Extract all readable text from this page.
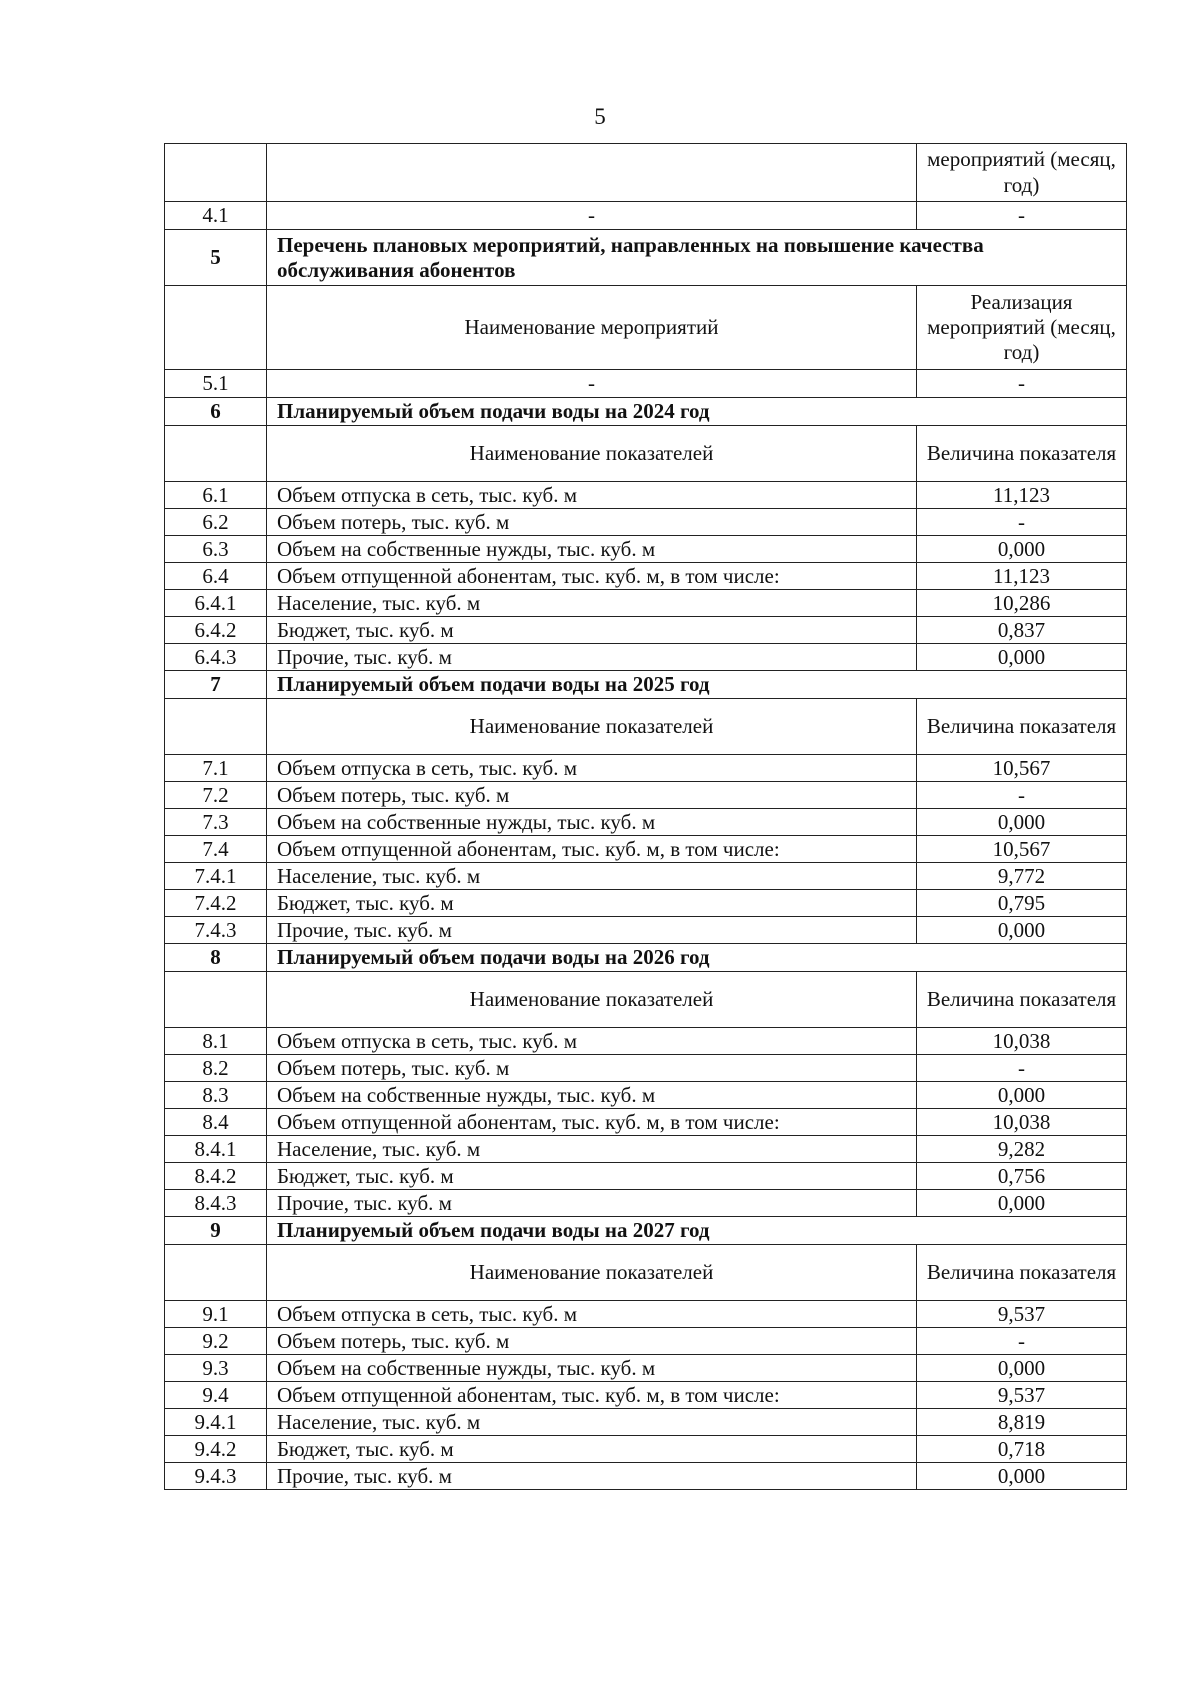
5
		мероприятий (месяц, год)
4.1	-	-
5	Перечень плановых мероприятий, направленных на повышение качества обслуживания абонентов	
	Наименование мероприятий	Реализация мероприятий (месяц, год)
5.1	-	-
6	Планируемый объем подачи воды на 2024 год	
	Наименование показателей	Величина показателя
6.1	Объем отпуска в сеть, тыс. куб. м	11,123
6.2	Объем потерь, тыс. куб. м	-
6.3	Объем на собственные нужды, тыс. куб. м	0,000
6.4	Объем отпущенной абонентам, тыс. куб. м, в том числе:	11,123
6.4.1	Население, тыс. куб. м	10,286
6.4.2	Бюджет, тыс. куб. м	0,837
6.4.3	Прочие, тыс. куб. м	0,000
7	Планируемый объем подачи воды на 2025 год	
	Наименование показателей	Величина показателя
7.1	Объем отпуска в сеть, тыс. куб. м	10,567
7.2	Объем потерь, тыс. куб. м	-
7.3	Объем на собственные нужды, тыс. куб. м	0,000
7.4	Объем отпущенной абонентам, тыс. куб. м, в том числе:	10,567
7.4.1	Население, тыс. куб. м	9,772
7.4.2	Бюджет, тыс. куб. м	0,795
7.4.3	Прочие, тыс. куб. м	0,000
8	Планируемый объем подачи воды на 2026 год	
	Наименование показателей	Величина показателя
8.1	Объем отпуска в сеть, тыс. куб. м	10,038
8.2	Объем потерь, тыс. куб. м	-
8.3	Объем на собственные нужды, тыс. куб. м	0,000
8.4	Объем отпущенной абонентам, тыс. куб. м, в том числе:	10,038
8.4.1	Население, тыс. куб. м	9,282
8.4.2	Бюджет, тыс. куб. м	0,756
8.4.3	Прочие, тыс. куб. м	0,000
9	Планируемый объем подачи воды на 2027 год	
	Наименование показателей	Величина показателя
9.1	Объем отпуска в сеть, тыс. куб. м	9,537
9.2	Объем потерь, тыс. куб. м	-
9.3	Объем на собственные нужды, тыс. куб. м	0,000
9.4	Объем отпущенной абонентам, тыс. куб. м, в том числе:	9,537
9.4.1	Население, тыс. куб. м	8,819
9.4.2	Бюджет, тыс. куб. м	0,718
9.4.3	Прочие, тыс. куб. м	0,000
